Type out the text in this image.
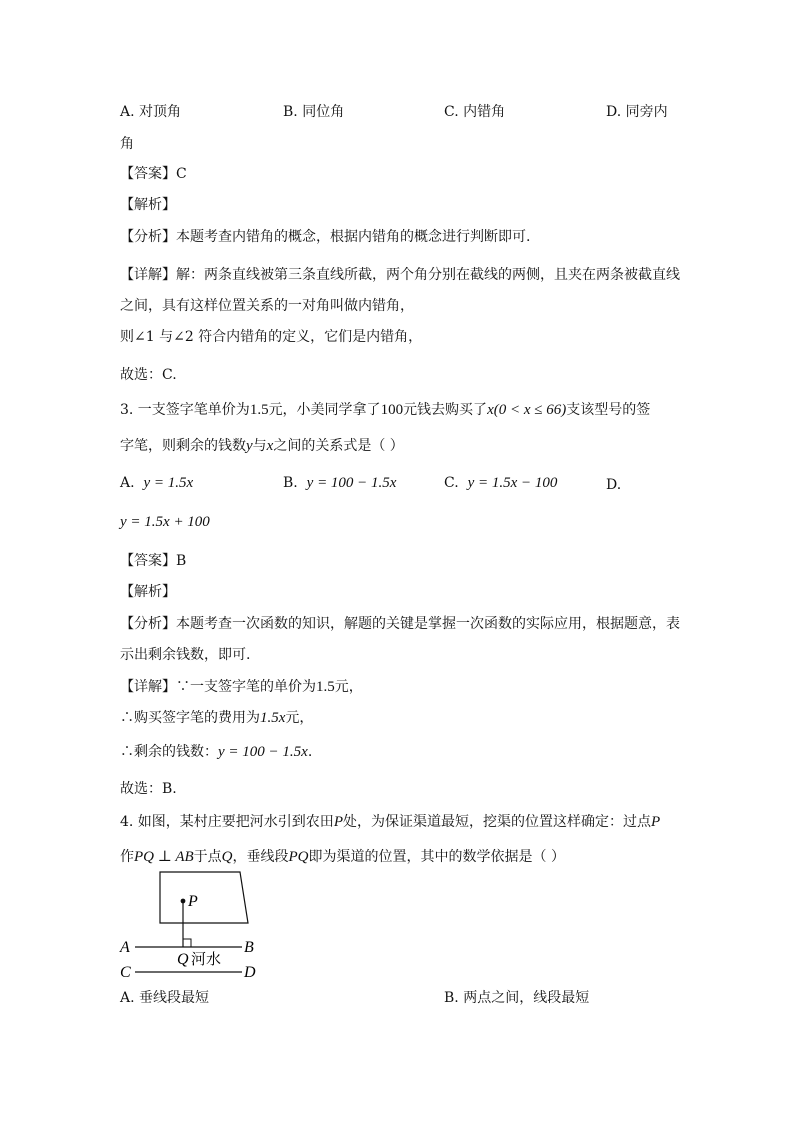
A. 对顶角	B. 同位角	C. 内错角	D. 同旁内
角
【答案】C
【解析】
【分析】本题考查内错角的概念，根据内错角的概念进行判断即可.
【详解】解：两条直线被第三条直线所截，两个角分别在截线的两侧，且夹在两条被截直线
之间，具有这样位置关系的一对角叫做内错角，
则∠1 与∠2 符合内错角的定义，它们是内错角，
故选：C.
3. 一支签字笔单价为1.5元，小美同学拿了100元钱去购买了x(0 < x ≤ 66)支该型号的签
字笔，则剩余的钱数y与x之间的关系式是（ ）
A. y = 1.5x	B. y = 100 − 1.5x	C. y = 1.5x − 100	D.
y = 1.5x + 100
【答案】B
【解析】
【分析】本题考查一次函数的知识，解题的关键是掌握一次函数的实际应用，根据题意，表
示出剩余钱数，即可.
【详解】∵一支签字笔的单价为1.5元，
∴购买签字笔的费用为1.5x元，
∴剩余的钱数：y = 100 − 1.5x.
故选：B.
4. 如图，某村庄要把河水引到农田P处，为保证渠道最短，挖渠的位置这样确定：过点P
作PQ ⊥ AB于点Q，垂线段PQ即为渠道的位置，其中的数学依据是（ ）
P
A	B
Q 河水
C	D
A. 垂线段最短	B. 两点之间，线段最短
